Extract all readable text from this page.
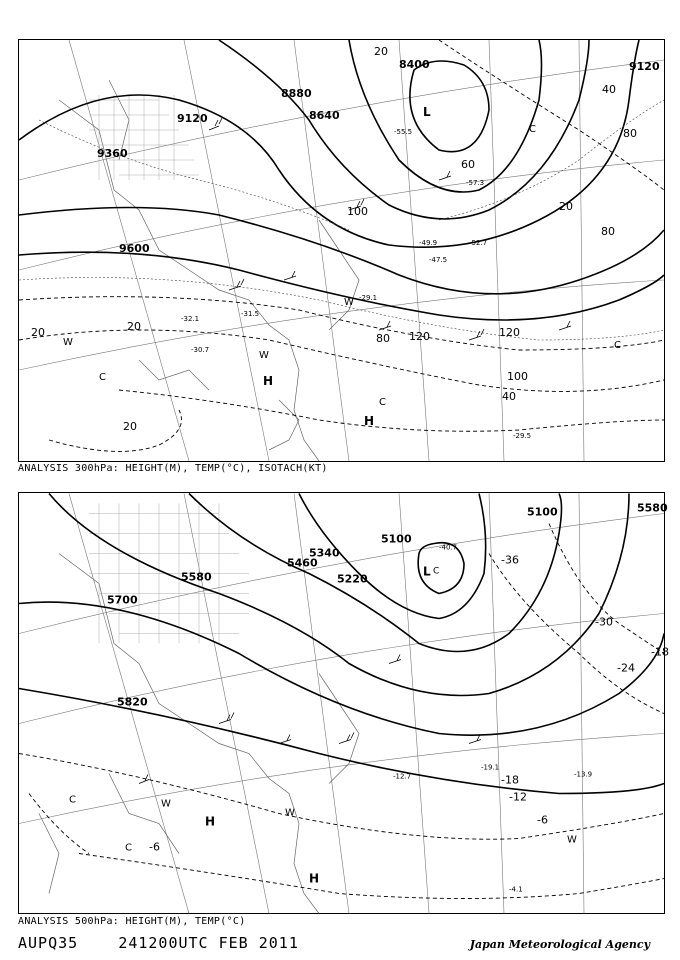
9120
8880
8640
8400
9360
9600
9120
20
40
60
80
100
120
120
100
80
40
20
20	20
20
80
-31.5
-30.7
-29.1
-32.1
-55.5
-57.3
-29.5
-52.7
-49.9
-47.5
L
H
H
W
W
W
C
C
C
C
ANALYSIS 300hPa: HEIGHT(M), TEMP(°C), ISOTACH(KT)
5100
5100
5340
5220
5460
5580
5580
5700
5820
-36
-30
-24
-18
-18
-12
-6
-6
-40.7
-19.1
-13.9
-12.7
-4.1
L C
H
H
W
W
W
C
C
ANALYSIS 500hPa: HEIGHT(M), TEMP(°C)
AUPQ35	241200UTC FEB 2011	Japan Meteorological Agency
